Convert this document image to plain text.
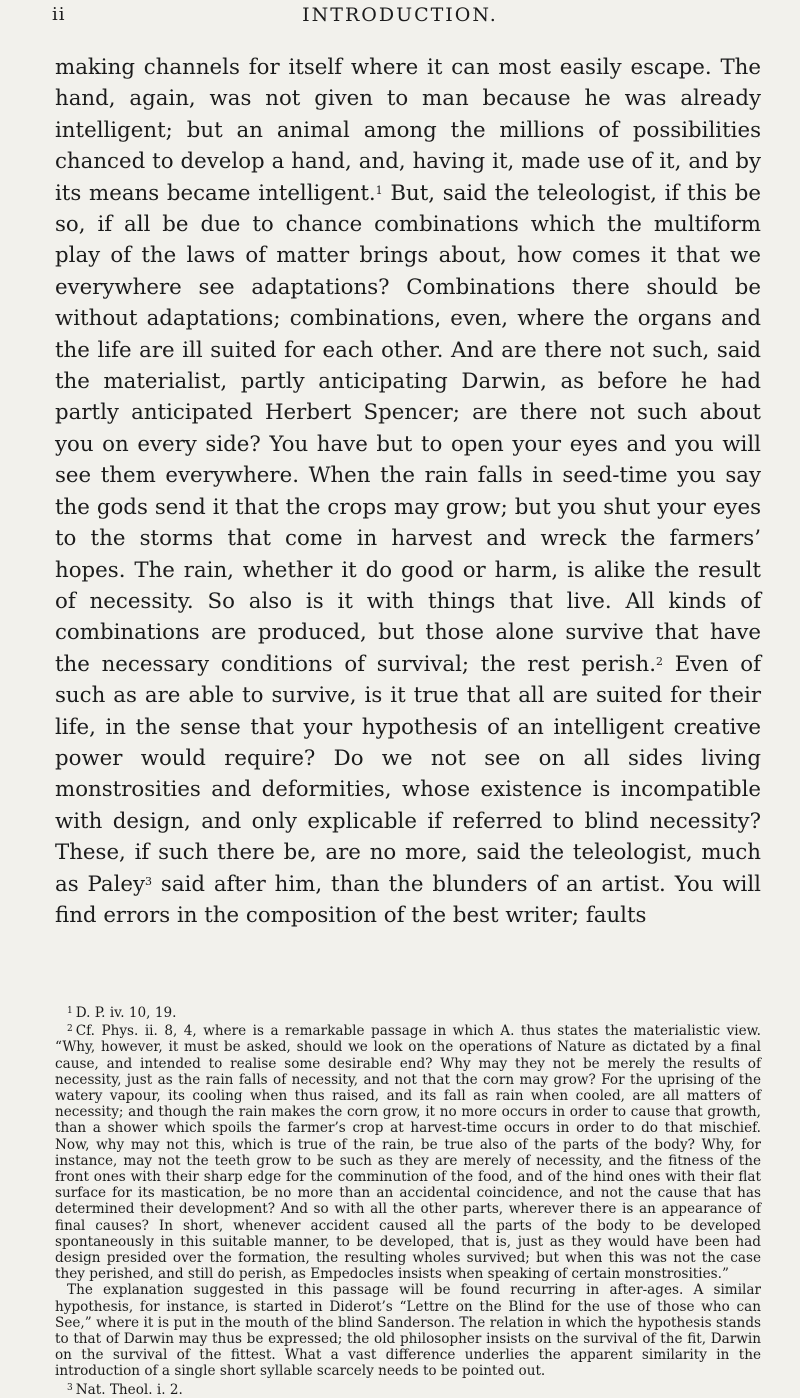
ii	INTRODUCTION.

making channels for itself where it can most easily escape. The hand, again, was not given to man because he was already intelligent; but an animal among the millions of possibilities chanced to develop a hand, and, having it, made use of it, and by its means became intelligent.$^1$ But, said the teleologist, if this be so, if all be due to chance combinations which the multiform play of the laws of matter brings about, how comes it that we everywhere see adaptations? Combinations there should be without adaptations; combinations, even, where the organs and the life are ill suited for each other. And are there not such, said the materialist, partly anticipating Darwin, as before he had partly anticipated Herbert Spencer; are there not such about you on every side? You have but to open your eyes and you will see them everywhere. When the rain falls in seed-time you say the gods send it that the crops may grow; but you shut your eyes to the storms that come in harvest and wreck the farmers’ hopes. The rain, whether it do good or harm, is alike the result of necessity. So also is it with things that live. All kinds of combinations are produced, but those alone survive that have the necessary conditions of survival; the rest perish.$^2$ Even of such as are able to survive, is it true that all are suited for their life, in the sense that your hypothesis of an intelligent creative power would require? Do we not see on all sides living monstrosities and deformities, whose existence is incompatible with design, and only explicable if referred to blind necessity? These, if such there be, are no more, said the teleologist, much as Paley$^3$ said after him, than the blunders of an artist. You will find errors in the composition of the best writer; faults

$^1$ D. P. iv. 10, 19.

$^2$ Cf. Phys. ii. 8, 4, where is a remarkable passage in which A. thus states the materialistic view. “Why, however, it must be asked, should we look on the operations of Nature as dictated by a final cause, and intended to realise some desirable end? Why may they not be merely the results of necessity, just as the rain falls of necessity, and not that the corn may grow? For the uprising of the watery vapour, its cooling when thus raised, and its fall as rain when cooled, are all matters of necessity; and though the rain makes the corn grow, it no more occurs in order to cause that growth, than a shower which spoils the farmer’s crop at harvest-time occurs in order to do that mischief. Now, why may not this, which is true of the rain, be true also of the parts of the body? Why, for instance, may not the teeth grow to be such as they are merely of necessity, and the fitness of the front ones with their sharp edge for the comminution of the food, and of the hind ones with their flat surface for its mastication, be no more than an accidental coincidence, and not the cause that has determined their development? And so with all the other parts, wherever there is an appearance of final causes? In short, whenever accident caused all the parts of the body to be developed spontaneously in this suitable manner, to be developed, that is, just as they would have been had design presided over the formation, the resulting wholes survived; but when this was not the case they perished, and still do perish, as Empedocles insists when speaking of certain monstrosities.”

The explanation suggested in this passage will be found recurring in after-ages. A similar hypothesis, for instance, is started in Diderot’s “Lettre on the Blind for the use of those who can See,” where it is put in the mouth of the blind Sanderson. The relation in which the hypothesis stands to that of Darwin may thus be expressed; the old philosopher insists on the survival of the fit, Darwin on the survival of the fittest. What a vast difference underlies the apparent similarity in the introduction of a single short syllable scarcely needs to be pointed out.

$^3$ Nat. Theol. i. 2.
